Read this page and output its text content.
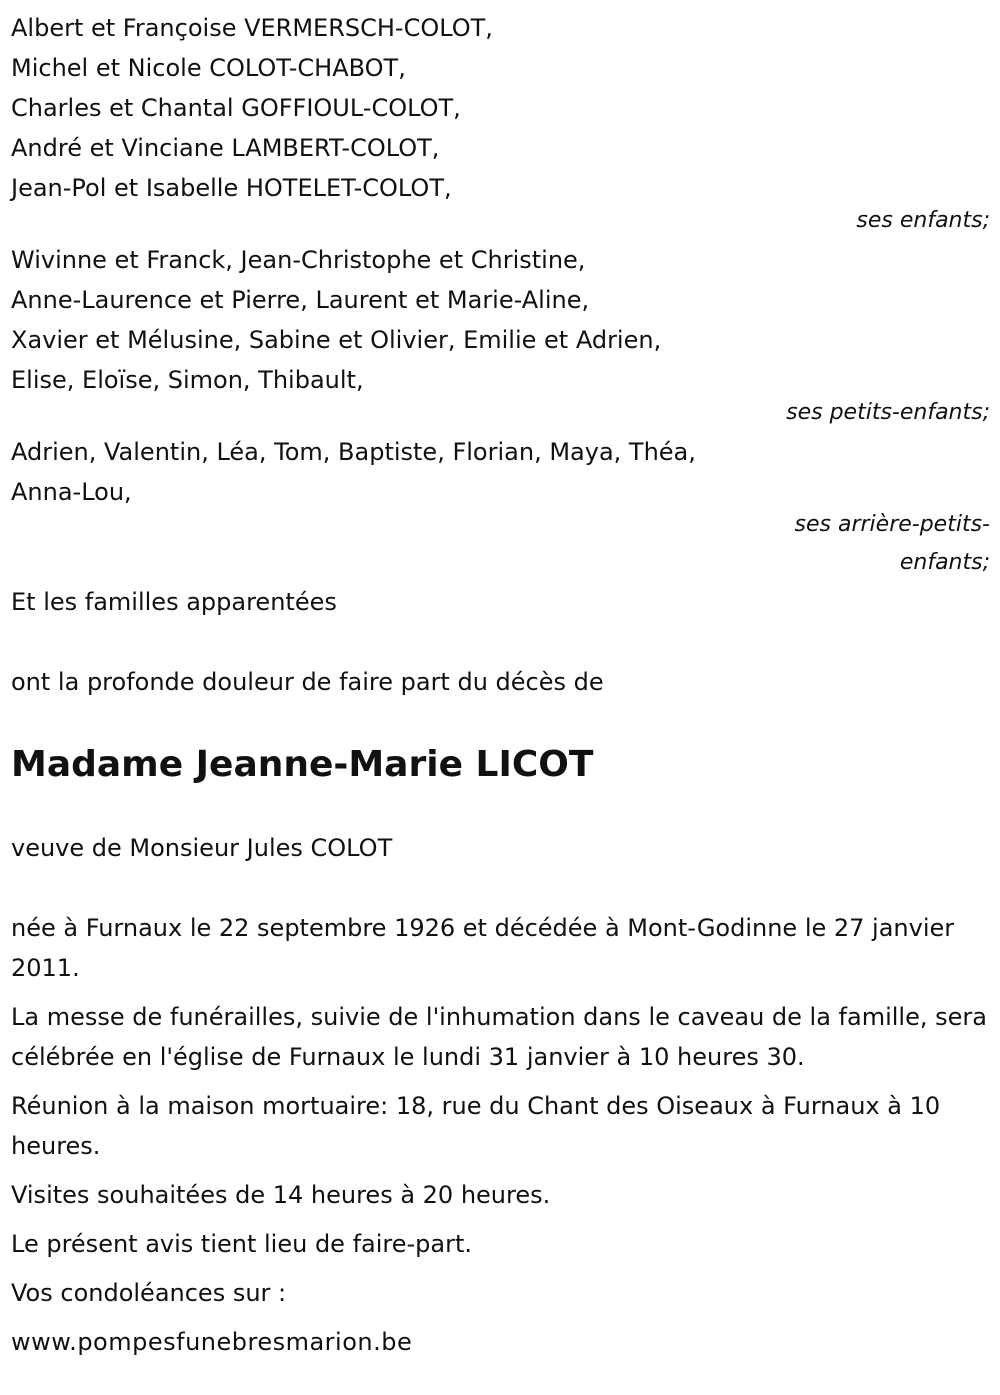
Albert et Françoise VERMERSCH-COLOT,
Michel et Nicole COLOT-CHABOT,
Charles et Chantal GOFFIOUL-COLOT,
André et Vinciane LAMBERT-COLOT,
Jean-Pol et Isabelle HOTELET-COLOT,
ses enfants;
Wivinne et Franck, Jean-Christophe et Christine,
Anne-Laurence et Pierre, Laurent et Marie-Aline,
Xavier et Mélusine, Sabine et Olivier, Emilie et Adrien,
Elise, Eloïse, Simon, Thibault,
ses petits-enfants;
Adrien, Valentin, Léa, Tom, Baptiste, Florian, Maya, Théa,
Anna-Lou,
ses arrière-petits-
enfants;
Et les familles apparentées
ont la profonde douleur de faire part du décès de
Madame Jeanne-Marie LICOT
veuve de Monsieur Jules COLOT
née à Furnaux le 22 septembre 1926 et décédée à Mont-Godinne le 27 janvier 2011.
La messe de funérailles, suivie de l'inhumation dans le caveau de la famille, sera célébrée en l'église de Furnaux le lundi 31 janvier à 10 heures 30.
Réunion à la maison mortuaire: 18, rue du Chant des Oiseaux à Furnaux à 10 heures.
Visites souhaitées de 14 heures à 20 heures.
Le présent avis tient lieu de faire-part.
Vos condoléances sur :
www.pompesfunebresmarion.be
